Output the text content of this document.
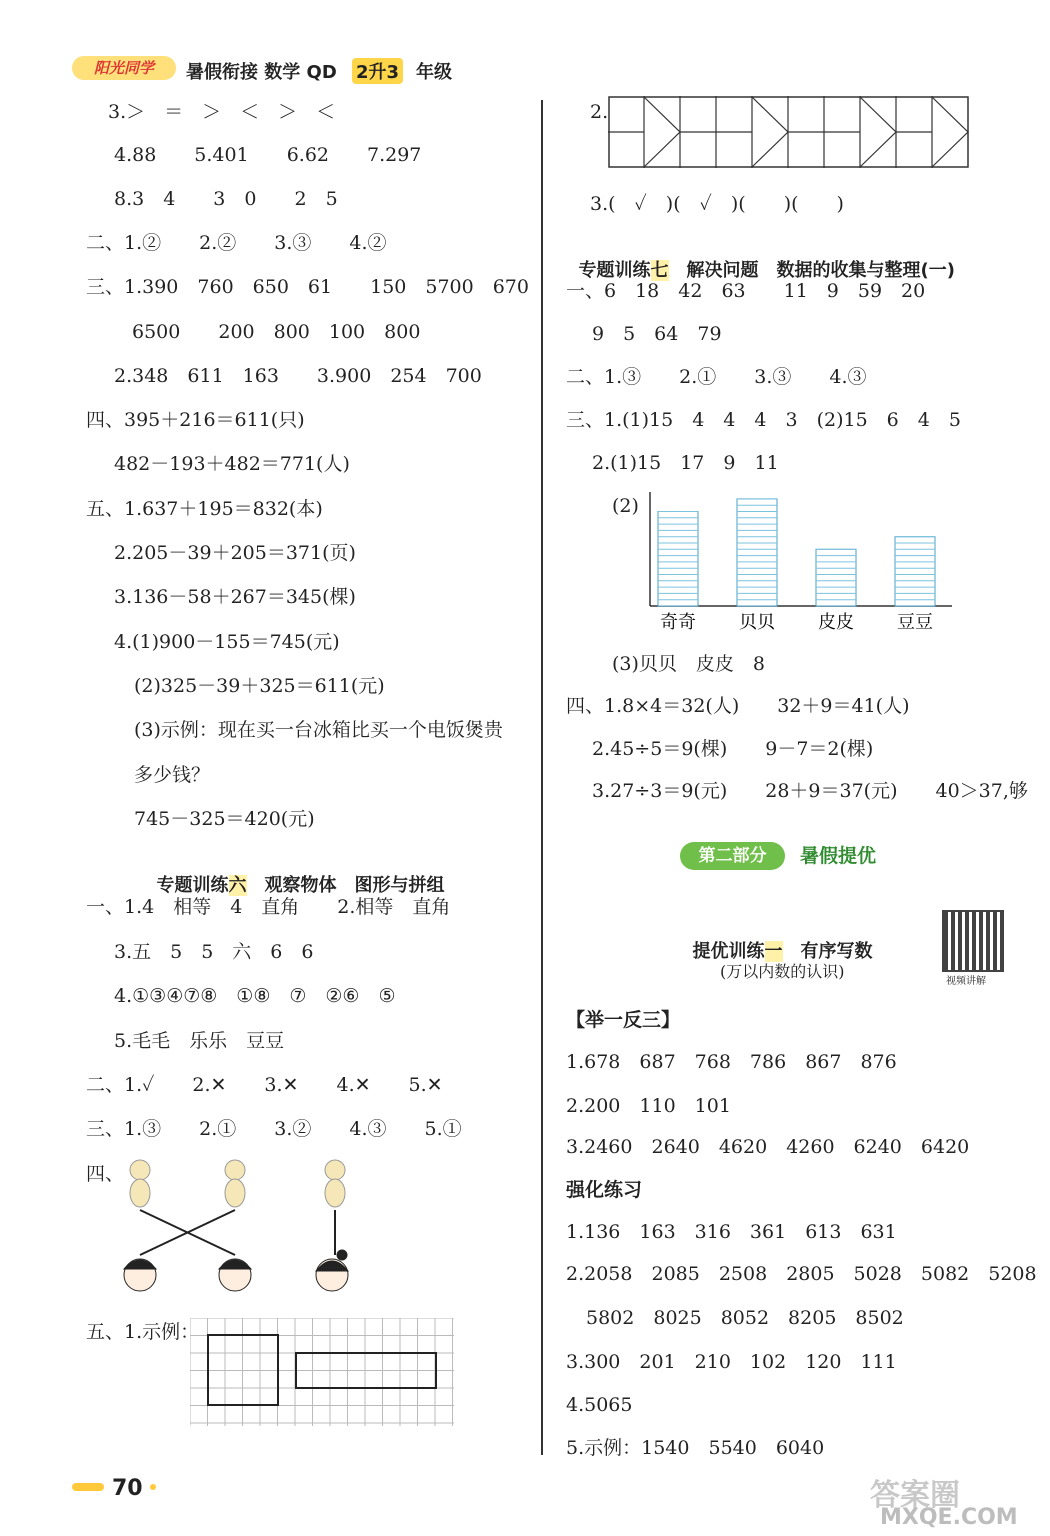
阳光同学	暑假衔接 数学 QD 2升3 年级
3.＞　＝　＞　＜　＞　＜
4.88　　5.401　　6.62　　7.297
8.3　4　　3　0　　2　5
二、1.②　　2.②　　3.③　　4.②
三、1.390　760　650　61　　150　5700　670
6500　　200　800　100　800
2.348　611　163　　3.900　254　700
四、395＋216＝611(只)
482－193＋482＝771(人)
五、1.637＋195＝832(本)
2.205－39＋205＝371(页)
3.136－58＋267＝345(棵)
4.(1)900－155＝745(元)
(2)325－39＋325＝611(元)
(3)示例：现在买一台冰箱比买一个电饭煲贵
多少钱？
745－325＝420(元)

专题训练六　 观察物体　图形与拼组

一、1.4　相等　4　直角　　2.相等　直角
3.五　5　5　六　6　6
4.①③④⑦⑧　①⑧　⑦　②⑥　⑤
5.毛毛　乐乐　豆豆
二、1.✓　　2.✕　　3.✕　　4.✕　　5.✕
三、1.③　　2.①　　3.②　　4.③　　5.①
四、
五、1.示例：
2.
3.(　✓　)(　✓　)(　　)(　　)

专题训练七　 解决问题　数据的收集与整理(一)

一、6　18　42　63　　11　9　59　20
9　5　64　79
二、1.③　　2.①　　3.③　　4.③
三、1.(1)15　4　4　4　3　(2)15　6　4　5
2.(1)15　17　9　11
(2)
奇奇 贝贝 皮皮 豆豆
(3)贝贝　皮皮　8
四、1.8×4＝32(人)　　32＋9＝41(人)
2.45÷5＝9(棵)　　9－7＝2(棵)
3.27÷3＝9(元)　　28＋9＝37(元)　　40＞37,够
第二部分	暑假提优

提优训练一　 有序写数

(万以内数的认识)
视频讲解
【举一反三】
1.678　687　768　786　867　876
2.200　110　101
3.2460　2640　4620　4260　6240　6420
强化练习
1.136　163　316　361　613　631
2.2058　2085　2508　2805　5028　5082　5208
5802　8025　8052　8205　8502
3.300　201　210　102　120　111
4.5065
5.示例：1540　5540　6040
70	答案圈
MXQE.COM
